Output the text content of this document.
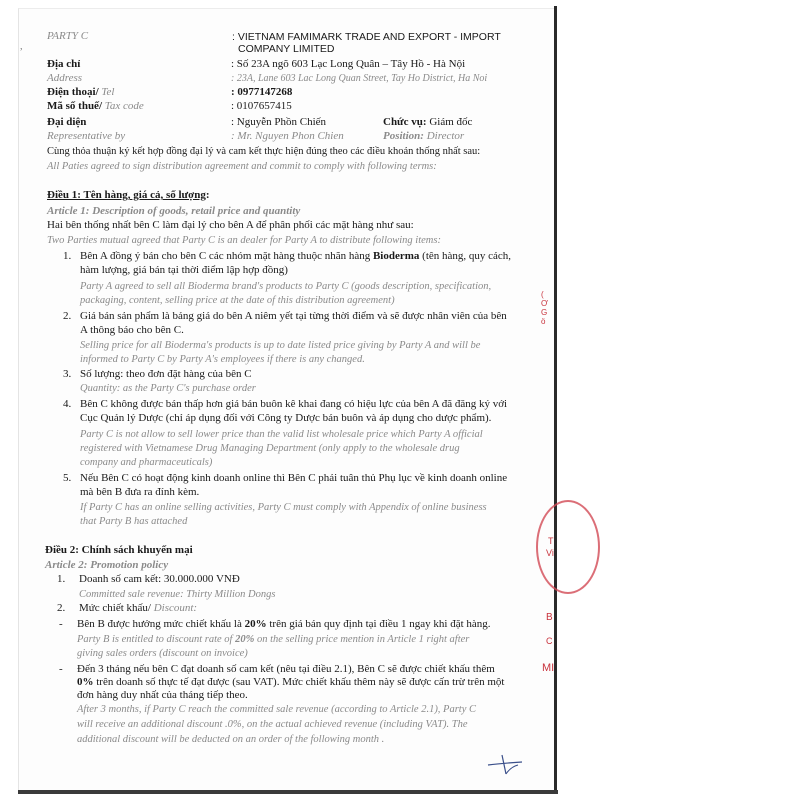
,
PARTY C	: VIETNAM FAMIMARK TRADE AND EXPORT - IMPORT
COMPANY LIMITED
Địa chỉ	: Số 23A ngõ 603 Lạc Long Quân – Tây Hồ - Hà Nội
Address	: 23A, Lane 603 Lac Long Quan Street, Tay Ho District, Ha Noi
Điện thoại/ Tel	: 0977147268
Mã số thuế/ Tax code	: 0107657415
Đại diện	: Nguyễn Phồn Chiến	Chức vụ: Giám đốc
Representative by	: Mr. Nguyen Phon Chien	Position: Director
Cùng thỏa thuận ký kết hợp đồng đại lý và cam kết thực hiện đúng theo các điều khoản thống nhất sau:
All Paties agreed to sign distribution agreement and commit to comply with following terms:
Điều 1: Tên hàng, giá cả, số lượng:
Article 1: Description of goods, retail price and quantity
Hai bên thống nhất bên C làm đại lý cho bên A để phân phối các mặt hàng như sau:
Two Parties mutual agreed that Party C is an dealer for Party A to distribute following items:
1. Bên A đồng ý bán cho bên C các nhóm mặt hàng thuộc nhãn hàng Bioderma (tên hàng, quy cách,
hàm lượng, giá bán tại thời điểm lập hợp đồng)
Party A agreed to sell all Bioderma brand's products to Party C (goods description, specification,
packaging, content, selling price at the date of this distribution agreement)
2. Giá bán sản phẩm là bảng giá do bên A niêm yết tại từng thời điểm và sẽ được nhân viên của bên
A thông báo cho bên C.
Selling price for all Bioderma's products is up to date listed price giving by Party A and will be
informed to Party C by Party A's employees if there is any changed.
3. Số lượng: theo đơn đặt hàng của bên C
Quantity: as the Party C's purchase order
4. Bên C không được bán thấp hơn giá bán buôn kê khai đang có hiệu lực của bên A đã đăng ký với
Cục Quản lý Dược (chỉ áp dụng đối với Công ty Dược bán buôn và áp dụng cho dược phẩm).
Party C is not allow to sell lower price than the valid list wholesale price which Party A official
registered with Vietnamese Drug Managing Department (only apply to the wholesale drug
company and pharmaceuticals)
5. Nếu Bên C có hoạt động kinh doanh online thì Bên C phải tuân thủ Phụ lục về kinh doanh online
mà bên B đưa ra đính kèm.
If Party C has an online selling activities, Party C must comply with Appendix of online business
that Party B has attached
Điều 2: Chính sách khuyến mại
Article 2: Promotion policy
1. Doanh số cam kết: 30.000.000 VNĐ
Committed sale revenue: Thirty Million Dongs
2. Mức chiết khấu/ Discount:
- Bên B được hưởng mức chiết khấu là 20% trên giá bán quy định tại điều 1 ngay khi đặt hàng.
Party B is entitled to discount rate of 20% on the selling price mention in Article 1 right after
giving sales orders (discount on invoice)
- Đến 3 tháng nếu bên C đạt doanh số cam kết (nêu tại điều 2.1), Bên C sẽ được chiết khấu thêm
0% trên doanh số thực tế đạt được (sau VAT). Mức chiết khấu thêm này sẽ được cấn trừ trên một
đơn hàng duy nhất của tháng tiếp theo.
After 3 months, if Party C reach the committed sale revenue (according to Article 2.1), Party C
will receive an additional discount .0%, on the actual achieved revenue (including VAT). The
additional discount will be deducted on an order of the following month .
( Ơ G ö
T
Vi
B
C
MI
